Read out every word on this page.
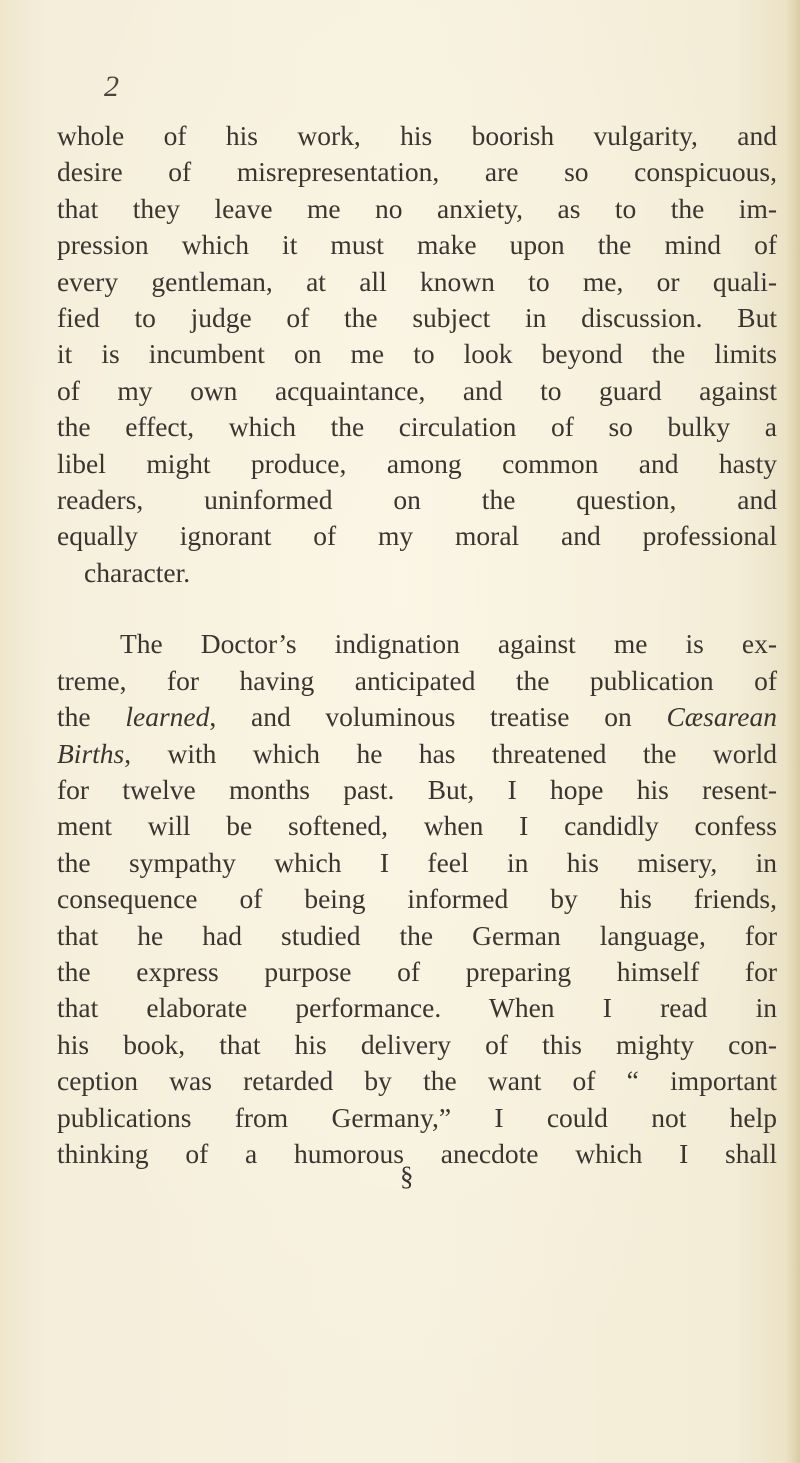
2

whole of his work, his boorish vulgarity, and
desire of misrepresentation, are so conspicuous,
that they leave me no anxiety, as to the im-
pression which it must make upon the mind of
every gentleman, at all known to me, or quali-
fied to judge of the subject in discussion. But
it is incumbent on me to look beyond the limits
of my own acquaintance, and to guard against
the effect, which the circulation of so bulky a
libel might produce, among common and hasty
readers, uninformed on the question, and
equally ignorant of my moral and professional
character.

The Doctor’s indignation against me is ex-
treme, for having anticipated the publication of
the learned, and voluminous treatise on Cæsarean
Births, with which he has threatened the world
for twelve months past. But, I hope his resent-
ment will be softened, when I candidly confess
the sympathy which I feel in his misery, in
consequence of being informed by his friends,
that he had studied the German language, for
the express purpose of preparing himself for
that elaborate performance. When I read in
his book, that his delivery of this mighty con-
ception was retarded by the want of “ important
publications from Germany,” I could not help
thinking of a humorous anecdote which I shall

§
